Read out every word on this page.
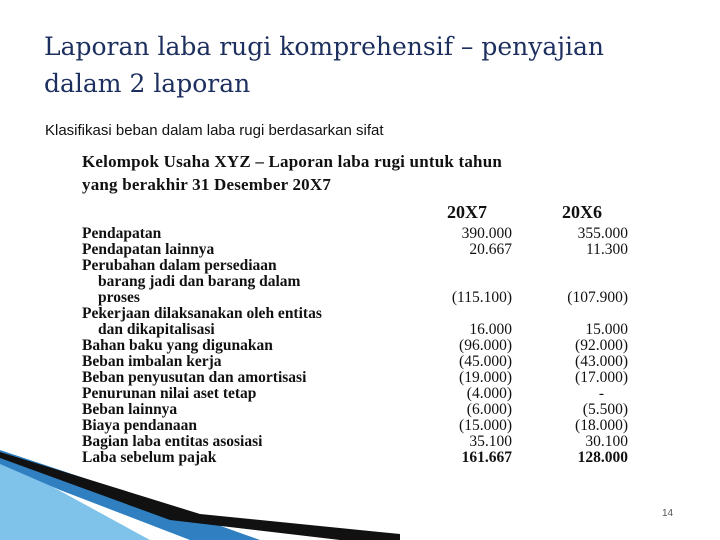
Laporan laba rugi komprehensif – penyajian
dalam 2 laporan
Klasifikasi beban dalam laba rugi berdasarkan sifat
Kelompok Usaha XYZ – Laporan laba rugi untuk tahun
yang berakhir 31 Desember 20X7
20X7	20X6
Pendapatan	390.000	355.000
Pendapatan lainnya	20.667	11.300
Perubahan dalam persediaan
barang jadi dan barang dalam
proses	(115.100)	(107.900)
Pekerjaan dilaksanakan oleh entitas
dan dikapitalisasi	16.000	15.000
Bahan baku yang digunakan	(96.000)	(92.000)
Beban imbalan kerja	(45.000)	(43.000)
Beban penyusutan dan amortisasi	(19.000)	(17.000)
Penurunan nilai aset tetap	(4.000)	-
Beban lainnya	(6.000)	(5.500)
Biaya pendanaan	(15.000)	(18.000)
Bagian laba entitas asosiasi	35.100	30.100
Laba sebelum pajak	161.667	128.000
14
